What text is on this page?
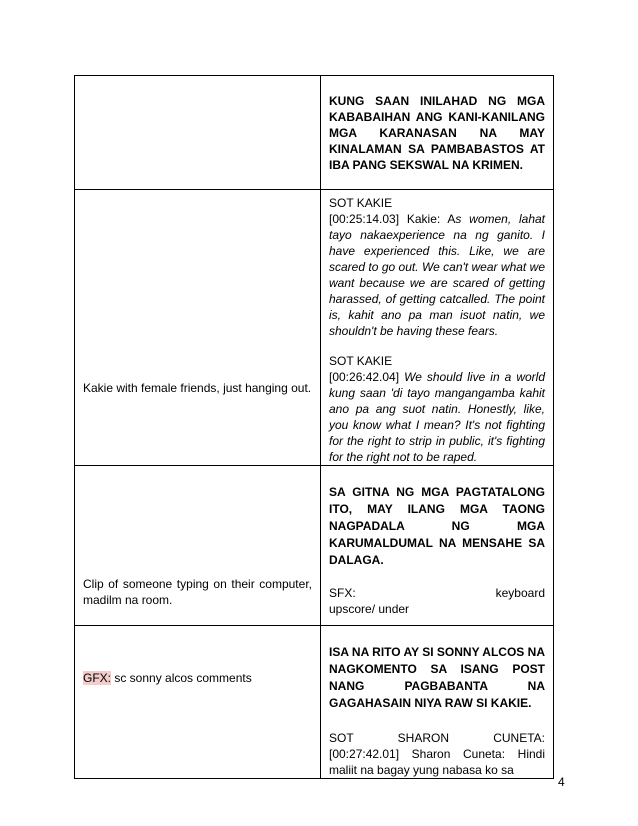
	KUNG SAAN INILAHAD NG MGA KABABAIHAN ANG KANI-KANILANG MGA KARANASAN NA MAY KINALAMAN SA PAMBABASTOS AT IBA PANG SEKSWAL NA KRIMEN.

Kakie with female friends, just hanging out.	SOT KAKIE
[00:25:14.03] Kakie: As women, lahat tayo nakaexperience na ng ganito. I have experienced this. Like, we are scared to go out. We can't wear what we want because we are scared of getting harassed, of getting catcalled. The point is, kahit ano pa man isuot natin, we shouldn't be having these fears.
SOT KAKIE
[00:26:42.04] We should live in a world kung saan 'di tayo mangangamba kahit ano pa ang suot natin. Honestly, like, you know what I mean? It's not fighting for the right to strip in public, it's fighting for the right not to be raped.

Clip of someone typing on their computer, madilm na room.	SA GITNA NG MGA PAGTATALONG ITO, MAY ILANG MGA TAONG NAGPADALA NG MGA KARUMALDUMAL NA MENSAHE SA DALAGA.
SFX: keyboard
upscore/ under

GFX: sc sonny alcos comments	ISA NA RITO AY SI SONNY ALCOS NA NAGKOMENTO SA ISANG POST NANG PAGBABANTA NA GAGAHASAIN NIYA RAW SI KAKIE.
SOT SHARON CUNETA:
[00:27:42.01] Sharon Cuneta: Hindi maliit na bagay yung nabasa ko sa
4
